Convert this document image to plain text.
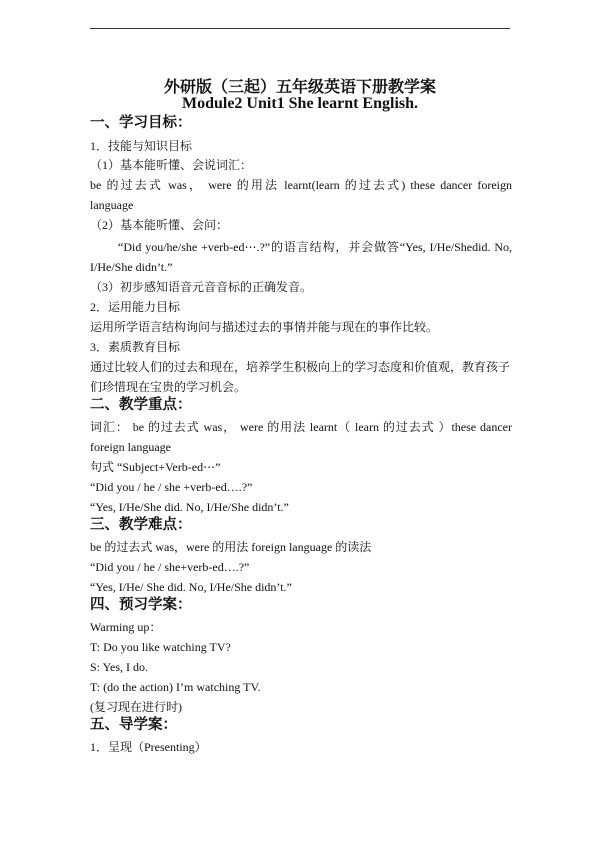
外研版（三起）五年级英语下册教学案
Module2 Unit1 She learnt English.
一、学习目标：
1．技能与知识目标
（1）基本能听懂、会说词汇：
be 的过去式 was， were 的用法 learnt(learn 的过去式) these dancer foreign
language
（2）基本能听懂、会问：
“Did you/he/she +verb-ed⋯.?”的语言结构，并会做答“Yes, I/He/Shedid. No,
I/He/She didn’t.”
（3）初步感知语音元音音标的正确发音。
2．运用能力目标
运用所学语言结构询问与描述过去的事情并能与现在的事作比较。
3．素质教育目标
通过比较人们的过去和现在，培养学生积极向上的学习态度和价值观，教育孩子
们珍惜现在宝贵的学习机会。
二、教学重点：
词汇： be 的过去式 was， were 的用法 learnt（ learn 的过去式 ）these dancer
foreign language
句式 “Subject+Verb-ed⋯”
“Did you / he / she +verb-ed….?”
“Yes, I/He/She did. No, I/He/She didn’t.”
三、教学难点：
be 的过去式 was，were 的用法 foreign language 的读法
“Did you / he / she+verb-ed….?”
“Yes, I/He/ She did. No, I/He/She didn’t.”
四、预习学案：
Warming up：
T: Do you like watching TV?
S: Yes, I do.
T: (do the action) I’m watching TV.
(复习现在进行时)
五、导学案：
1．呈现（Presenting）
